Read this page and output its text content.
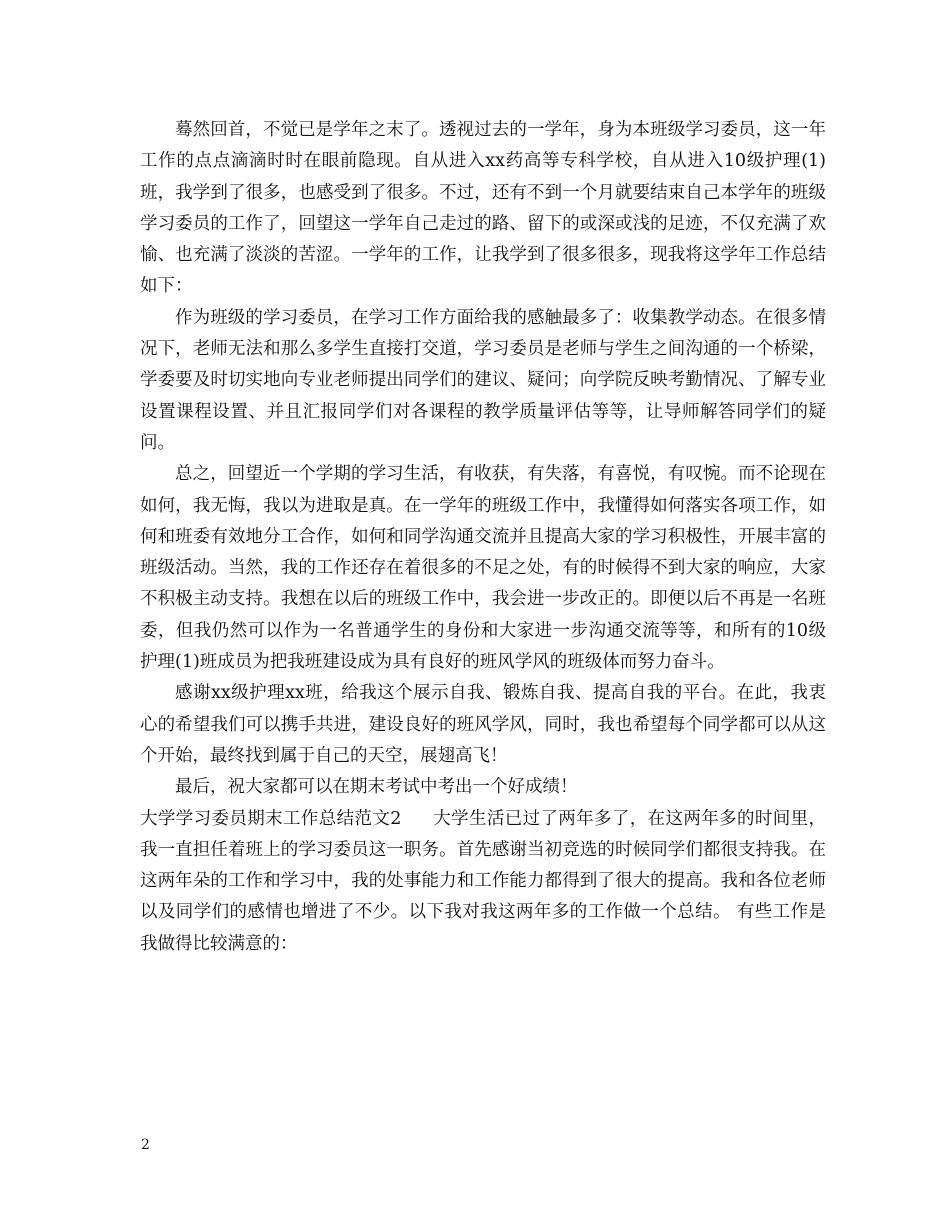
蓦然回首，不觉已是学年之末了。透视过去的一学年，身为本班级学习委员，这一年工作的点点滴滴时时在眼前隐现。自从进入xx药高等专科学校，自从进入10级护理(1)班，我学到了很多，也感受到了很多。不过，还有不到一个月就要结束自己本学年的班级学习委员的工作了，回望这一学年自己走过的路、留下的或深或浅的足迹，不仅充满了欢愉、也充满了淡淡的苦涩。一学年的工作，让我学到了很多很多，现我将这学年工作总结如下：

作为班级的学习委员，在学习工作方面给我的感触最多了：收集教学动态。在很多情况下，老师无法和那么多学生直接打交道，学习委员是老师与学生之间沟通的一个桥梁，学委要及时切实地向专业老师提出同学们的建议、疑问；向学院反映考勤情况、了解专业设置课程设置、并且汇报同学们对各课程的教学质量评估等等，让导师解答同学们的疑问。

总之，回望近一个学期的学习生活，有收获，有失落，有喜悦，有叹惋。而不论现在如何，我无悔，我以为进取是真。在一学年的班级工作中，我懂得如何落实各项工作，如何和班委有效地分工合作，如何和同学沟通交流并且提高大家的学习积极性，开展丰富的班级活动。当然，我的工作还存在着很多的不足之处，有的时候得不到大家的响应，大家不积极主动支持。我想在以后的班级工作中，我会进一步改正的。即便以后不再是一名班委，但我仍然可以作为一名普通学生的身份和大家进一步沟通交流等等，和所有的10级护理(1)班成员为把我班建设成为具有良好的班风学风的班级体而努力奋斗。

感谢xx级护理xx班，给我这个展示自我、锻炼自我、提高自我的平台。在此，我衷心的希望我们可以携手共进，建设良好的班风学风，同时，我也希望每个同学都可以从这个开始，最终找到属于自己的天空，展翅高飞！

最后，祝大家都可以在期末考试中考出一个好成绩！

大学学习委员期末工作总结范文2 大学生活已过了两年多了，在这两年多的时间里，我一直担任着班上的学习委员这一职务。首先感谢当初竞选的时候同学们都很支持我。在这两年朵的工作和学习中，我的处事能力和工作能力都得到了很大的提高。我和各位老师以及同学们的感情也增进了不少。以下我对我这两年多的工作做一个总结。 有些工作是我做得比较满意的：

2
